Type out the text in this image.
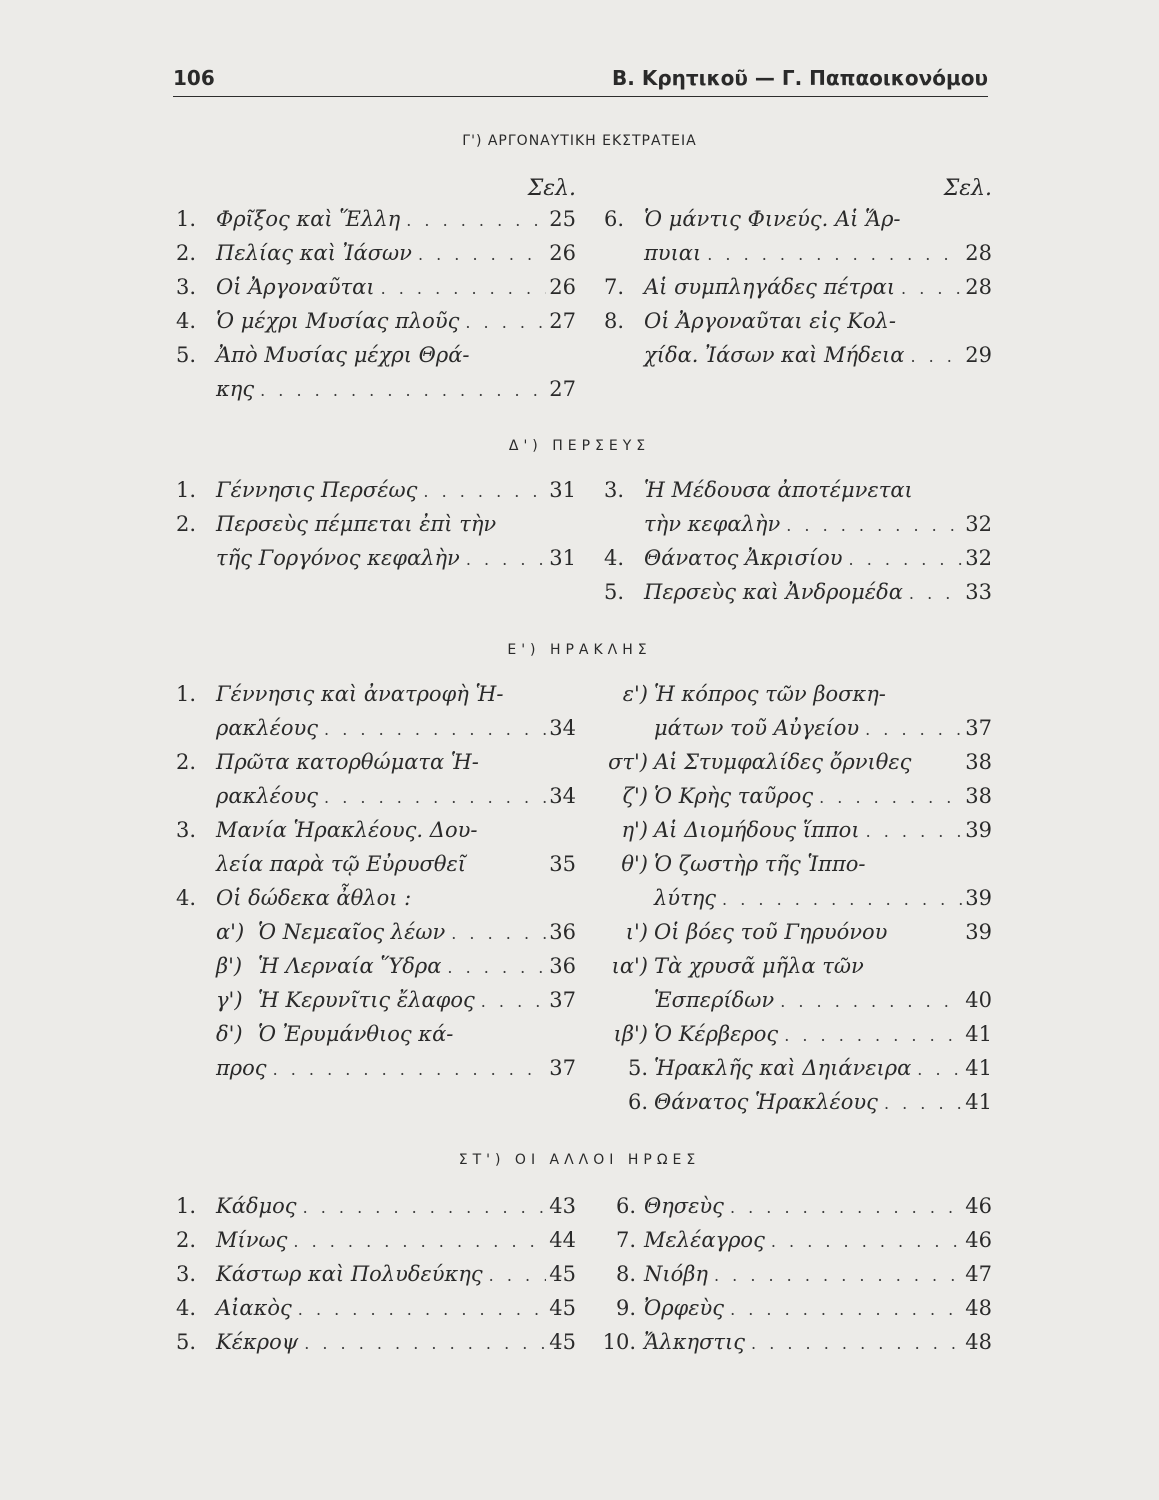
106	Β. Κρητικοῦ — Γ. Παπαοικονόμου
Γ') ΑΡΓΟΝΑΥΤΙΚΗ ΕΚΣΤΡΑΤΕΙΑ
Σελ.
1. Φρῖξος καὶ Ἕλλη . . .	25
2. Πελίας καὶ Ἰάσων . . .	26
3. Οἱ Ἀργοναῦται . . .	26
4. Ὁ μέχρι Μυσίας πλοῦς . . .	27
5. Ἀπὸ Μυσίας μέχρι Θρά-
κης . . .	27
Σελ.
6. Ὁ μάντις Φινεύς. Αἱ Ἅρ-
πυιαι . . .	28
7. Αἱ συμπληγάδες πέτραι . . .	28
8. Οἱ Ἀργοναῦται εἰς Κολ-
χίδα. Ἰάσων καὶ Μήδεια . . .	29
Δ') ΠΕΡΣΕΥΣ
1. Γέννησις Περσέως . . .	31
2. Περσεὺς πέμπεται ἐπὶ τὴν
τῆς Γοργόνος κεφαλὴν . . .	31
3. Ἡ Μέδουσα ἀποτέμνεται
τὴν κεφαλὴν . . .	32
4. Θάνατος Ἀκρισίου . . .	32
5. Περσεὺς καὶ Ἀνδρομέδα . . .	33
Ε') ΗΡΑΚΛΗΣ
1. Γέννησις καὶ ἀνατροφὴ Ἡ-
ρακλέους . . .	34
2. Πρῶτα κατορθώματα Ἡ-
ρακλέους . . .	34
3. Μανία Ἡρακλέους. Δου-
λεία παρὰ τῷ Εὐρυσθεῖ	35
4. Οἱ δώδεκα ἆθλοι :
α') Ὁ Νεμεαῖος λέων . . .	36
β') Ἡ Λερναία Ὕδρα . . .	36
γ') Ἡ Κερυνῖτις ἔλαφος . . .	37
δ') Ὁ Ἐρυμάνθιος κά-
προς . . .	37
ε') Ἡ κόπρος τῶν βοσκη-
μάτων τοῦ Αὐγείου . . .	37
στ') Αἱ Στυμφαλίδες ὄρνιθες	38
ζ') Ὁ Κρὴς ταῦρος . . .	38
η') Αἱ Διομήδους ἵπποι . . .	39
θ') Ὁ ζωστὴρ τῆς Ἱππο-
λύτης . . .	39
ι') Οἱ βόες τοῦ Γηρυόνου	39
ια') Τὰ χρυσᾶ μῆλα τῶν
Ἑσπερίδων . . .	40
ιβ') Ὁ Κέρβερος . . .	41
5. Ἡρακλῆς καὶ Δηιάνειρα . . .	41
6. Θάνατος Ἡρακλέους . . .	41
ΣΤ') ΟΙ ΑΛΛΟΙ ΗΡΩΕΣ
1. Κάδμος . . .	43
2. Μίνως . . .	44
3. Κάστωρ καὶ Πολυδεύκης . . .	45
4. Αἰακὸς . . .	45
5. Κέκροψ . . .	45
6. Θησεὺς . . .	46
7. Μελέαγρος . . .	46
8. Νιόβη . . .	47
9. Ὀρφεὺς . . .	48
10. Ἄλκηστις . . .	48
